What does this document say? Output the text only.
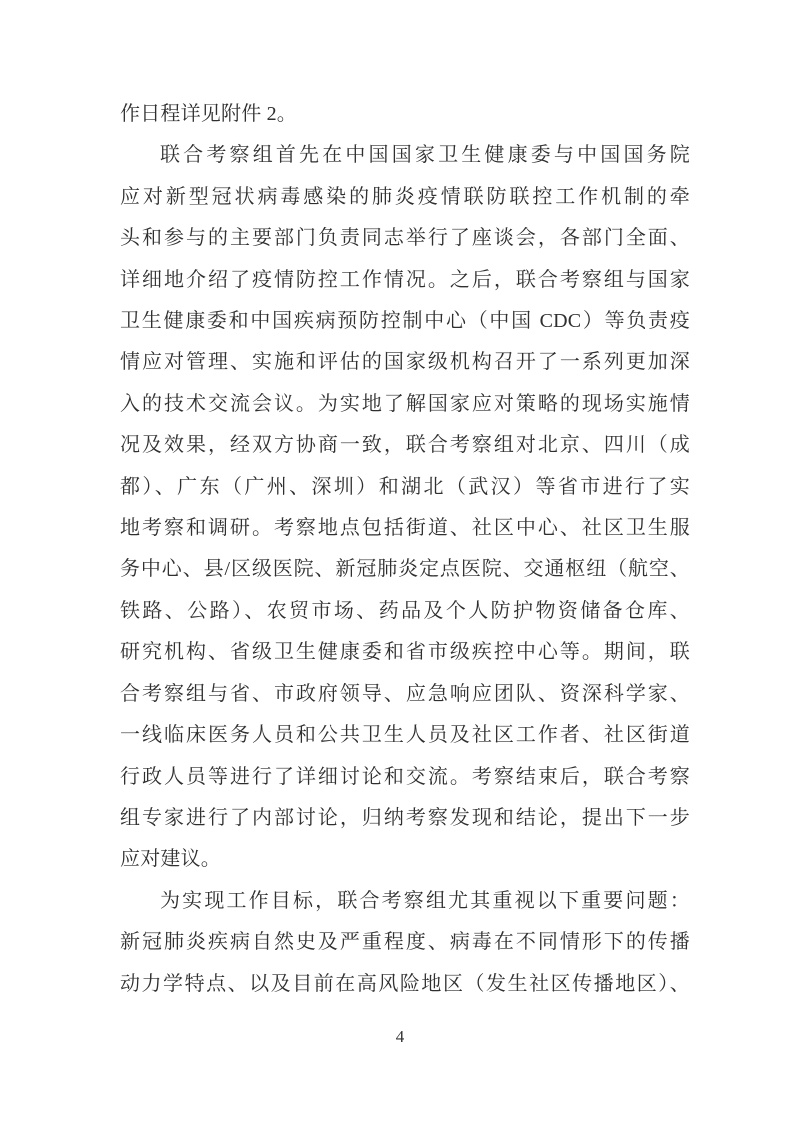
作日程详见附件 2。
联合考察组首先在中国国家卫生健康委与中国国务院
应对新型冠状病毒感染的肺炎疫情联防联控工作机制的牵
头和参与的主要部门负责同志举行了座谈会，各部门全面、
详细地介绍了疫情防控工作情况。之后，联合考察组与国家
卫生健康委和中国疾病预防控制中心（中国 CDC）等负责疫
情应对管理、实施和评估的国家级机构召开了一系列更加深
入的技术交流会议。为实地了解国家应对策略的现场实施情
况及效果，经双方协商一致，联合考察组对北京、四川（成
都）、广东（广州、深圳）和湖北（武汉）等省市进行了实
地考察和调研。考察地点包括街道、社区中心、社区卫生服
务中心、县/区级医院、新冠肺炎定点医院、交通枢纽（航空、
铁路、公路）、农贸市场、药品及个人防护物资储备仓库、
研究机构、省级卫生健康委和省市级疾控中心等。期间，联
合考察组与省、市政府领导、应急响应团队、资深科学家、
一线临床医务人员和公共卫生人员及社区工作者、社区街道
行政人员等进行了详细讨论和交流。考察结束后，联合考察
组专家进行了内部讨论，归纳考察发现和结论，提出下一步
应对建议。
为实现工作目标，联合考察组尤其重视以下重要问题：
新冠肺炎疾病自然史及严重程度、病毒在不同情形下的传播
动力学特点、以及目前在高风险地区（发生社区传播地区）、
4
